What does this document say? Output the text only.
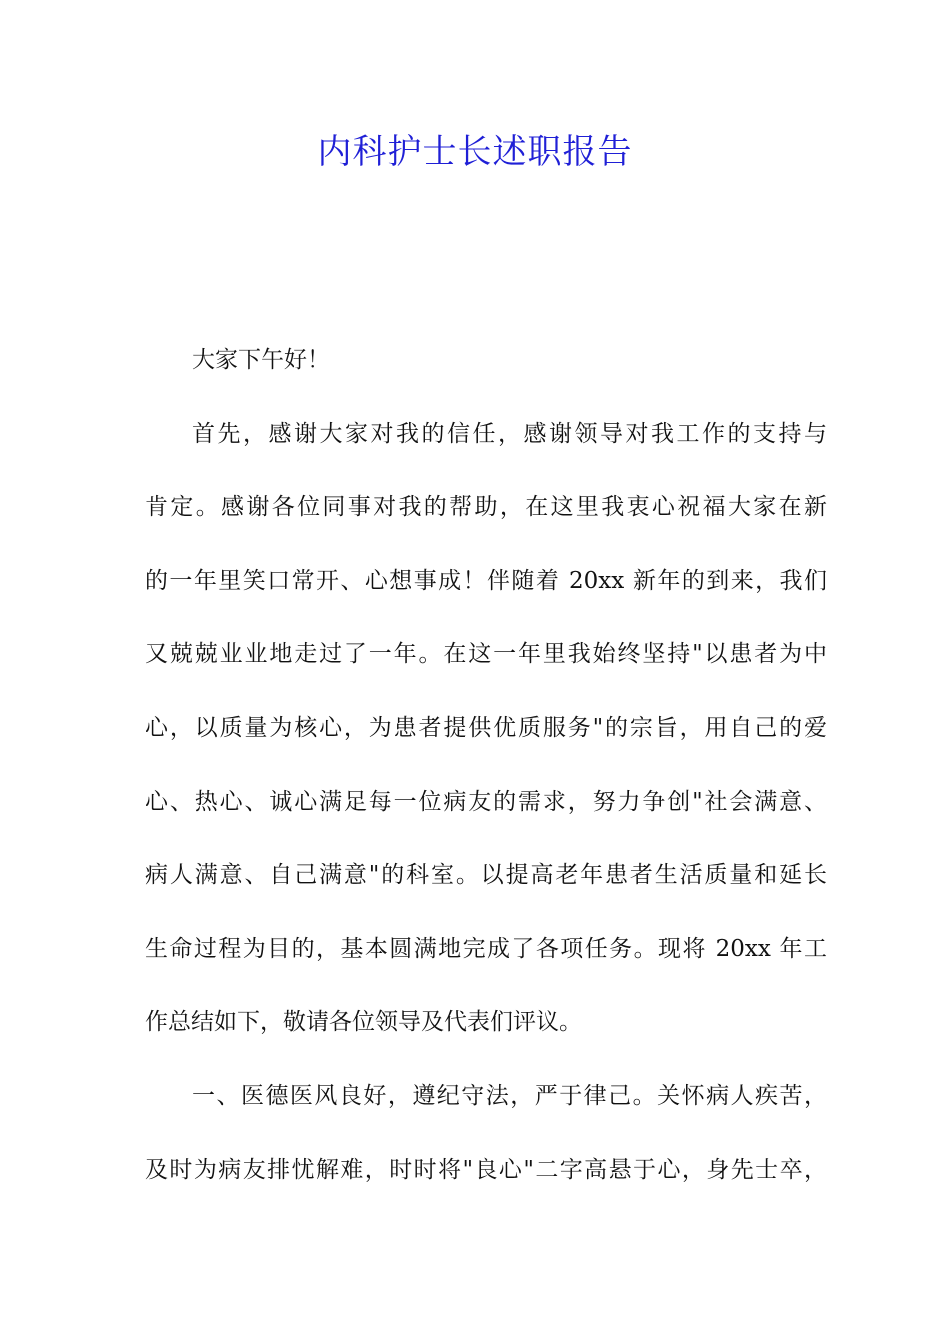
内科护士长述职报告
大家下午好！
首先，感谢大家对我的信任，感谢领导对我工作的支持与
肯定。感谢各位同事对我的帮助，在这里我衷心祝福大家在新
的一年里笑口常开、心想事成！伴随着 20xx 新年的到来，我们
又兢兢业业地走过了一年。在这一年里我始终坚持"以患者为中
心，以质量为核心，为患者提供优质服务"的宗旨，用自己的爱
心、热心、诚心满足每一位病友的需求，努力争创"社会满意、
病人满意、自己满意"的科室。以提高老年患者生活质量和延长
生命过程为目的，基本圆满地完成了各项任务。现将 20xx 年工
作总结如下，敬请各位领导及代表们评议。
一、医德医风良好，遵纪守法，严于律己。关怀病人疾苦，
及时为病友排忧解难，时时将"良心"二字高悬于心，身先士卒，
